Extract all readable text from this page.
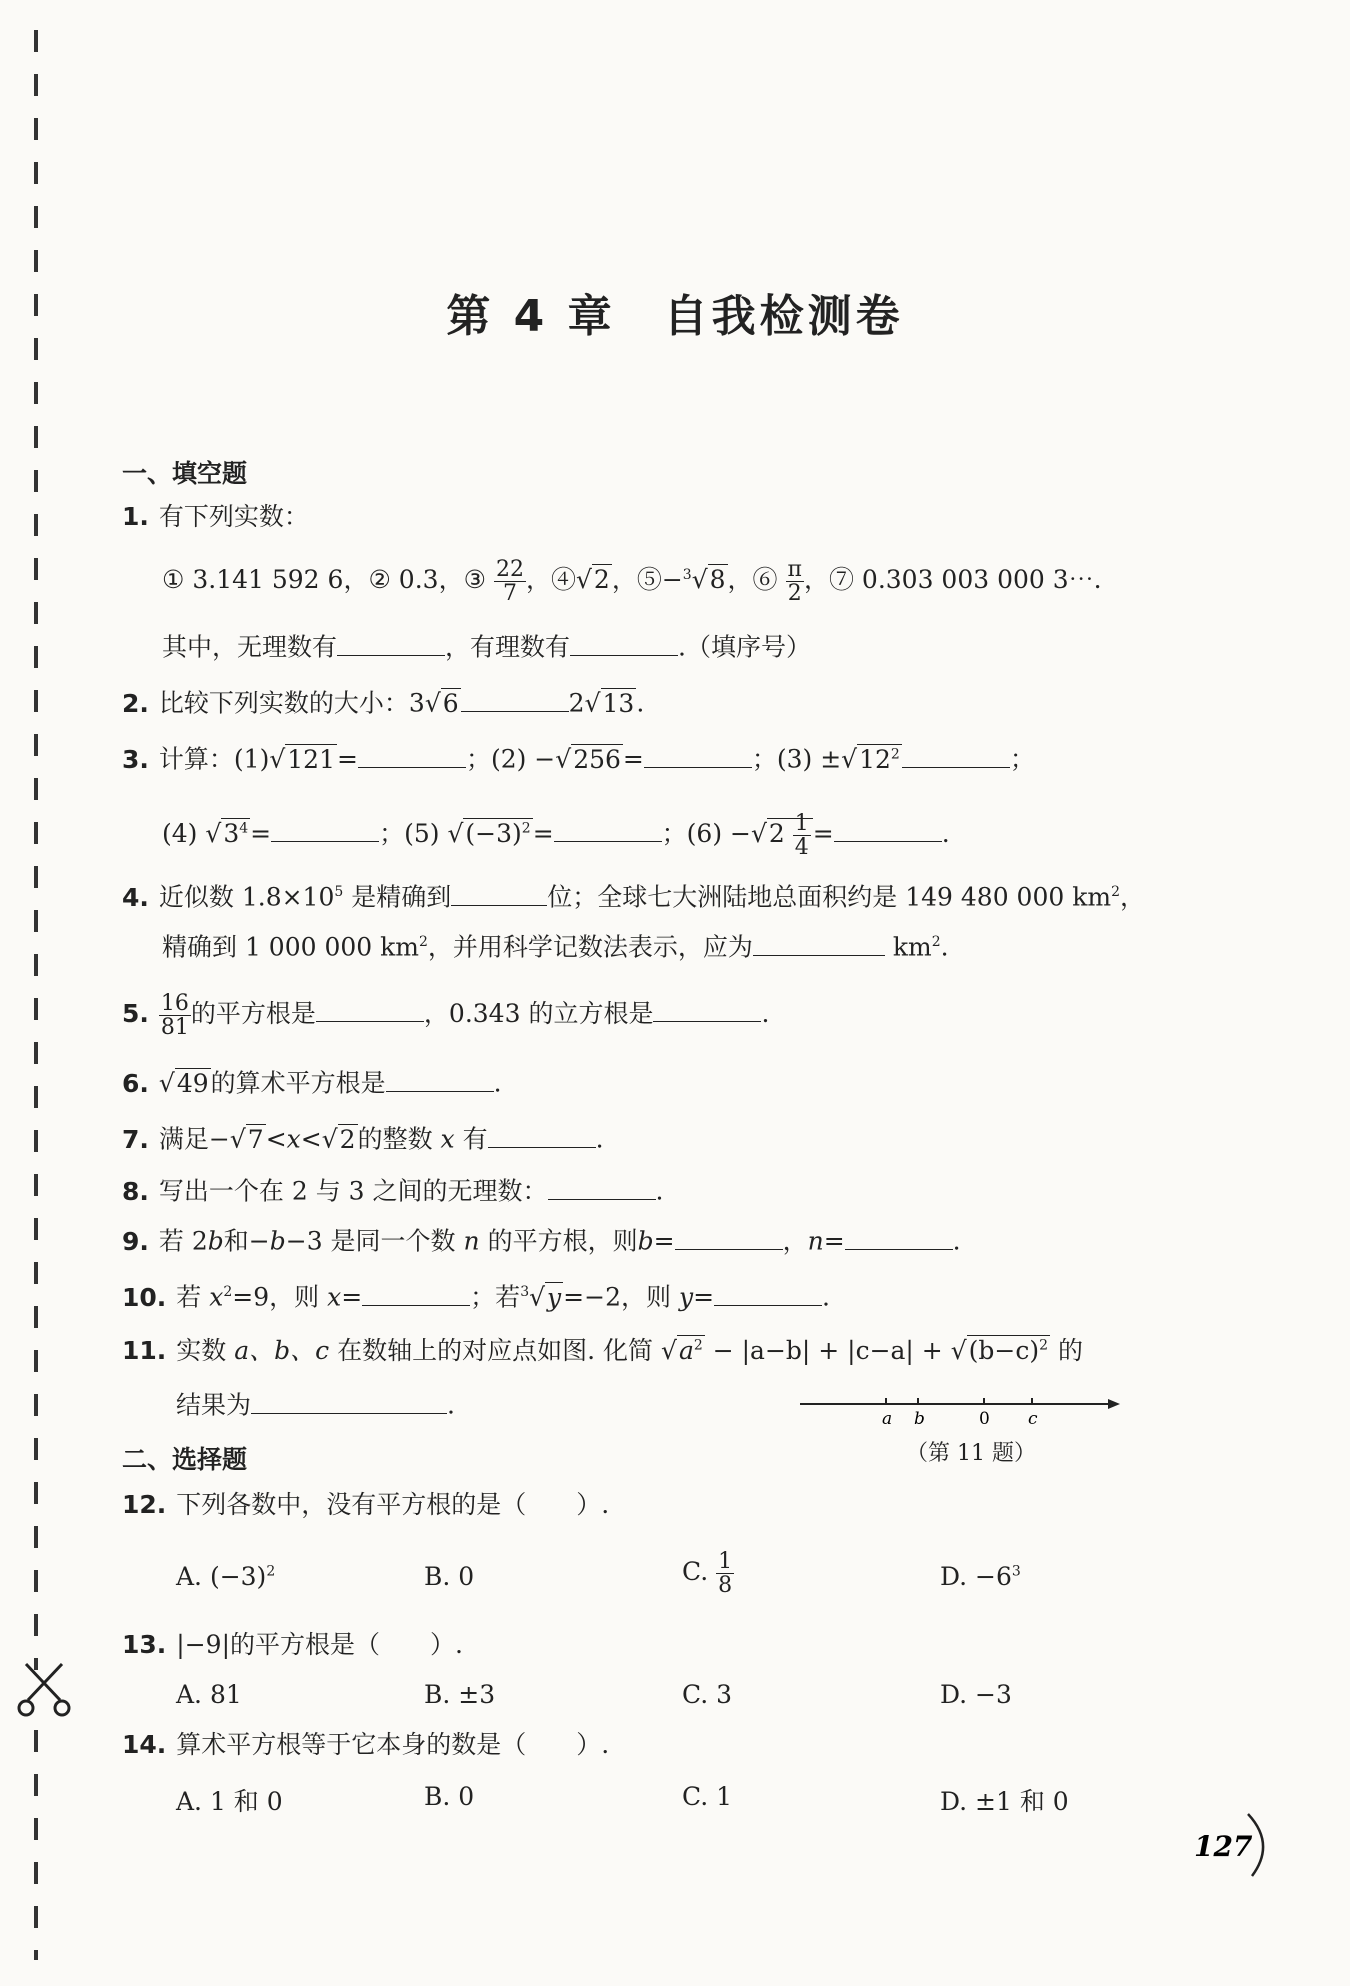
第 4 章 自我检测卷
一、填空题
1. 有下列实数：
① 3.141 592 6，② 0.3，③ $\frac{22}{7}$ ，④√2，⑤−$^3$√8，⑥ $\frac{\pi}{2}$ ，⑦ 0.303 003 000 3⋯.
其中，无理数有	，有理数有	.（填序号）
2. 比较下列实数的大小：3√6	2√13.
3. 计算：(1)√121=	；(2) −√256=	；$(3) \pm√12^2$	；
(4) $√3^4=$	；(5) $√(-3)^2=$	；$(6) -√2 \frac{1}{4}$ =	.
4. 近似数 $1.8\times 10^5$ 是精确到	位；全球七大洲陆地总面积约是 149 480 000 $km^2$，
精确到 1 000 000 $km^2$，并用科学记数法表示，应为	$km^2$.
5. $\frac{16}{81}$ 的平方根是	，0.343 的立方根是	.
6. √49的算术平方根是	.
7. 满足−√7<x<√2的整数 x 有	.
8. 写出一个在 2 与 3 之间的无理数：	.
9. 若 2b和−b−3 是同一个数 n 的平方根，则b=	，n=	.
10. 若 $x^2=9$，则 x=	；若$^3$√y=−2，则 y=	.
11. 实数 a、b、c 在数轴上的对应点如图. 化简 $√a^2 - |a-b| + |c-a| + √(b-c)^2$ 的
结果为	.	a b	0 c
（第 11 题）
二、选择题
12. 下列各数中，没有平方根的是（　　）.
A. $(-3)^2$	B. 0	C. $\frac{1}{8}$	D. $-6^3$
13. |−9|的平方根是（　　）.
A. 81	B. ±3	C. 3	D. −3
14. 算术平方根等于它本身的数是（　　）.
A. 1 和 0	B. 0	C. 1	D. ±1 和 0
127
